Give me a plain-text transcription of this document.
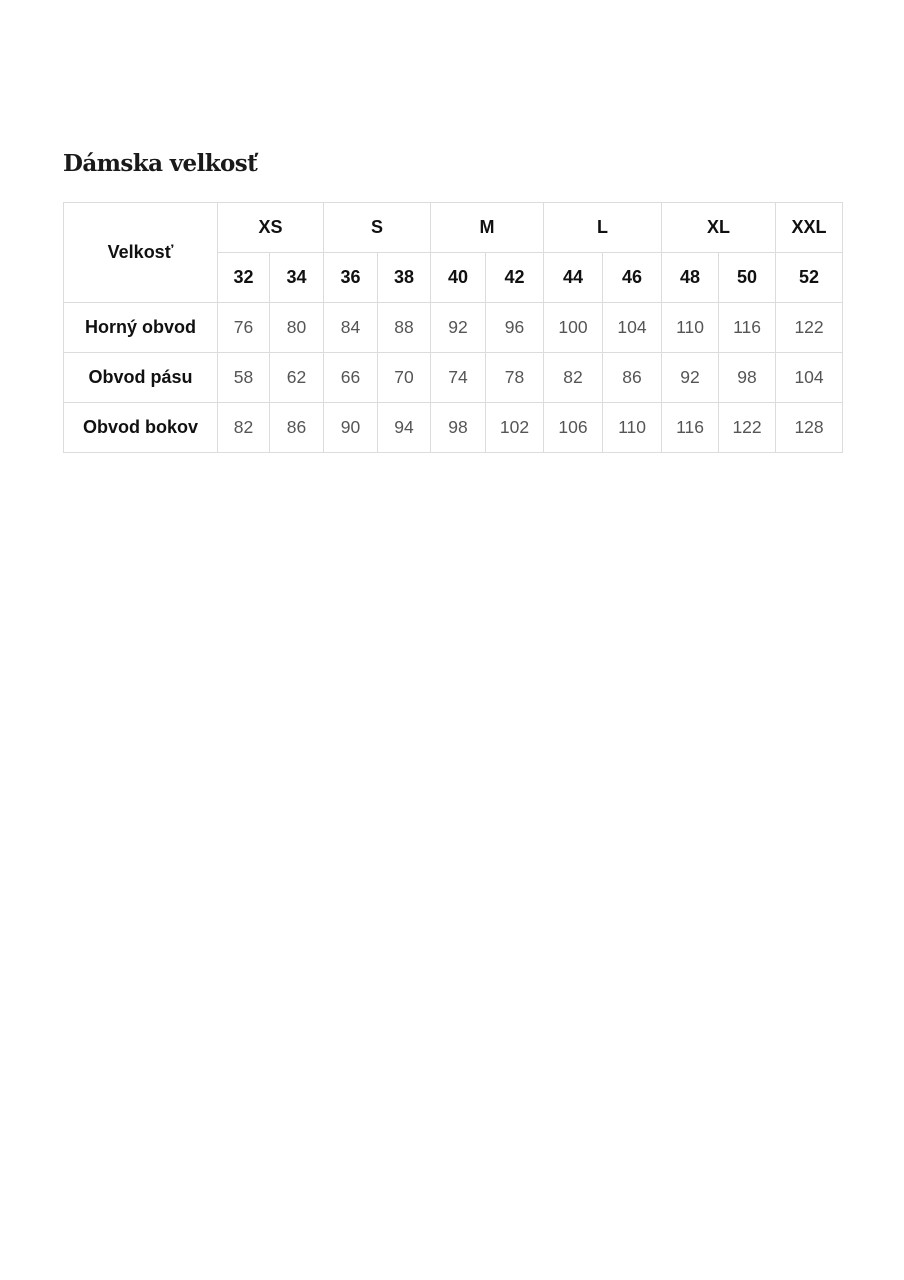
Dámska velkosť
Velkosť	XS		S		M		L		XL		XXL
	32	34	36	38	40	42	44	46	48	50	52
Horný obvod	76	80	84	88	92	96	100	104	110	116	122
Obvod pásu	58	62	66	70	74	78	82	86	92	98	104
Obvod bokov	82	86	90	94	98	102	106	110	116	122	128
